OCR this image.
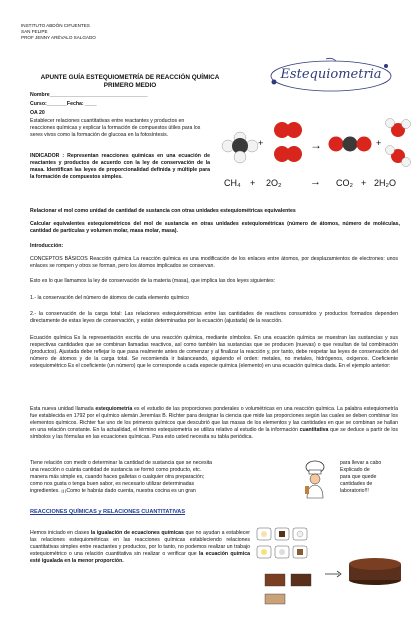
INSTITUTO ABDÓN CIFUENTES
SAN FELIPE
PROF JENNY ARÉVALO SALGADO
APUNTE GUÍA ESTEQUIOMETRÍA DE REACCIÓN QUÍMICA
PRIMERO MEDIO
Estequiometria
Nombre__________________________________
Curso:_______Fecha: ____
OA 20
Establecer relaciones cuantitativas entre reactantes y productos en reacciones químicas y explicar la formación de compuestos útiles para los seres vivos como la formación de glucosa en la fotosíntesis.
INDICADOR : Representan reacciones químicas en una ecuación de reactantes y productos de acuerdo con la ley de conservación de la masa. Identifican las leyes de proporcionalidad definida y múltiple para la formación de compuestos simples.
+	→	+
CH₄ + 2O₂	→ CO₂ + 2H₂O
Relacionar el mol como unidad de cantidad de sustancia con otras unidades estequiométricas equivalentes
Calcular equivalentes estequiométricos del mol de sustancia en otras unidades estequiométricas (número de átomos, número de moléculas, cantidad de partículas y volumen molar, masa molar, masa).
Introducción:
CONCEPTOS BÁSICOS Reacción química La reacción química es una modificación de los enlaces entre átomos, por desplazamientos de electrones: unos enlaces se rompen y otros se forman, pero los átomos implicados se conservan.
Esto es lo que llamamos la ley de conservación de la materia (masa), que implica las dos leyes siguientes:
1.- la conservación del número de átomos de cada elemento químico
2.- la conservación de la carga total: Las relaciones estequiométricas entre las cantidades de reactivos consumidos y productos formados dependen directamente de estas leyes de conservación, y están determinadas por la ecuación (ajustada) de la reacción.
Ecuación química Es la representación escrita de una reacción química, mediante símbolos. En una ecuación química se muestran las sustancias y sus respectivas cantidades que se combinan llamadas reactivos, así como también las sustancias que se producen (nuevas) o que resultan de tal combinación (productos). Ajustada debe reflejar lo que pasa realmente antes de comenzar y al finalizar la reacción y, por tanto, debe respetar las leyes de conservación del número de átomos y de la carga total. Se recomienda ir balanceando, siguiendo el orden: metales, no metales, hidrógenos, oxígenos. Coeficiente estequiométrico Es el coeficiente (un número) que le corresponde a cada especie química (elemento) en una ecuación química dada. En el ejemplo anterior:
Esta nueva unidad llamada estequiometría es el estudio de las proporciones ponderales o volumétricas en una reacción química. La palabra estequiometría fue establecida en 1792 por el químico alemán Jeremías B. Richter para designar la ciencia que mide las proporciones según las cuales se deben combinar los elementos químicos. Richter fue uno de los primeros químicos que descubrió que las masas de los elementos y las cantidades en que se combinan se hallan en una relación constante. En la actualidad, el término estequiometría se utiliza relativo al estudio de la información cuantitativa que se deduce a partir de los símbolos y las fórmulas en las ecuaciones químicas. Para esto usted necesita su tabla periódica.
Tiene relación con medir o determinar la cantidad de sustancia que se necesita
una reacción o cuánta cantidad de sustancia se formó como producto, etc.
manera más simple es, cuando haces galletas o cualquier otra preparación;
como nos gusta o tenga buen sabor, es necesario utilizar determinadas
ingredientes. ¡¡¡Como te habrás dado cuenta, nuestra cocina es un gran
para llevar a cabo
Explicado de
para que quede
cantidades de
laboratorio!!!
REACCIONES QUÍMICAS y RELACIONES CUANTITATIVAS
Hemos iniciado en clases la igualación de ecuaciones químicas que no ayudan a establecer las relaciones estequiométricas en las reacciones químicas estableciendo relaciones cuantitativas simples entre reactantes y productos, por lo tanto, no podemos realizar un trabajo estequiométrico o una relación cuantitativa sin realizar o verificar que la ecuación química esté igualada en la menor proporción.
